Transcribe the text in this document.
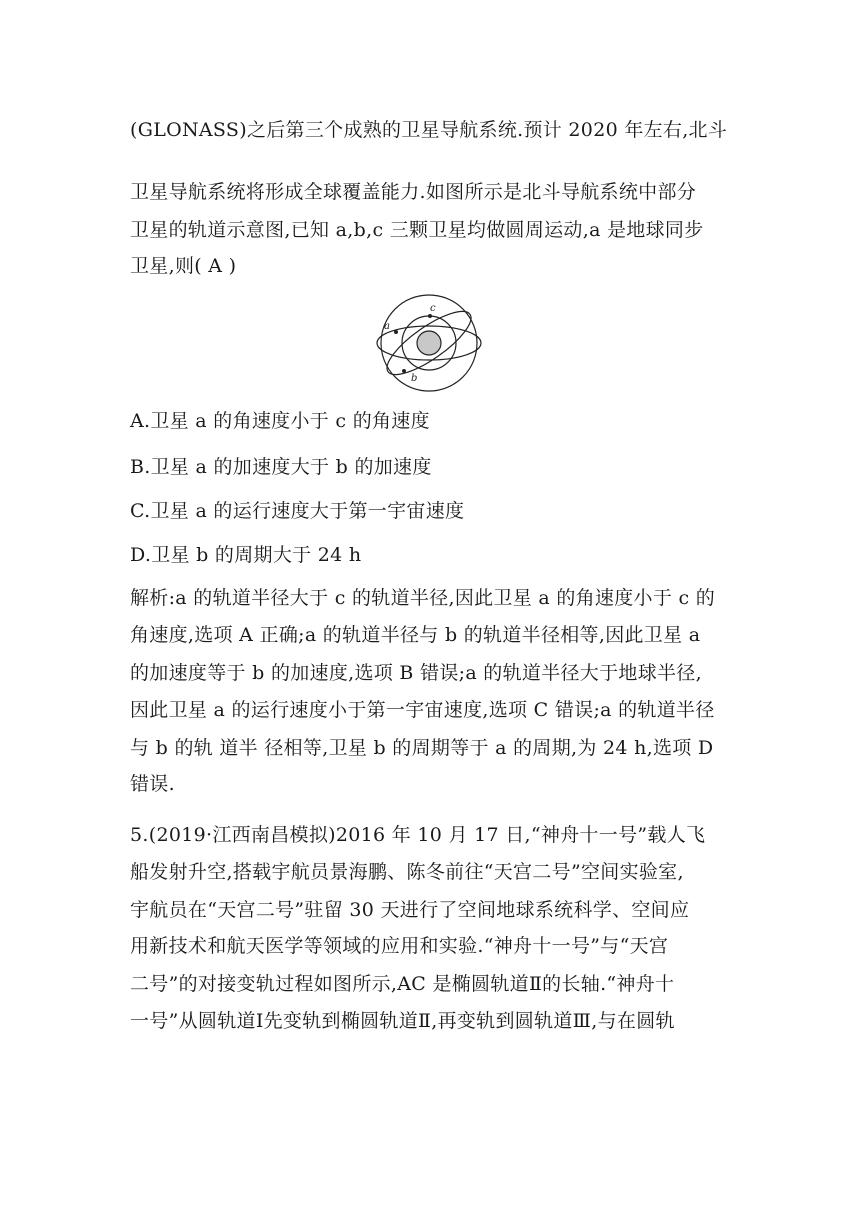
(GLONASS)之后第三个成熟的卫星导航系统.预计 2020 年左右,北斗
卫星导航系统将形成全球覆盖能力.如图所示是北斗导航系统中部分
卫星的轨道示意图,已知 a,b,c 三颗卫星均做圆周运动,a 是地球同步
卫星,则( A )
a
b
c
A.卫星 a 的角速度小于 c 的角速度
B.卫星 a 的加速度大于 b 的加速度
C.卫星 a 的运行速度大于第一宇宙速度
D.卫星 b 的周期大于 24 h
解析:a 的轨道半径大于 c 的轨道半径,因此卫星 a 的角速度小于 c 的
角速度,选项 A 正确;a 的轨道半径与 b 的轨道半径相等,因此卫星 a
的加速度等于 b 的加速度,选项 B 错误;a 的轨道半径大于地球半径,
因此卫星 a 的运行速度小于第一宇宙速度,选项 C 错误;a 的轨道半径
与 b 的轨 道半 径相等,卫星 b 的周期等于 a 的周期,为 24 h,选项 D
错误.
5.(2019·江西南昌模拟)2016 年 10 月 17 日,“神舟十一号”载人飞
船发射升空,搭载宇航员景海鹏、陈冬前往“天宫二号”空间实验室,
宇航员在“天宫二号”驻留 30 天进行了空间地球系统科学、空间应
用新技术和航天医学等领域的应用和实验.“神舟十一号”与“天宫
二号”的对接变轨过程如图所示,AC 是椭圆轨道Ⅱ的长轴.“神舟十
一号”从圆轨道Ⅰ先变轨到椭圆轨道Ⅱ,再变轨到圆轨道Ⅲ,与在圆轨
